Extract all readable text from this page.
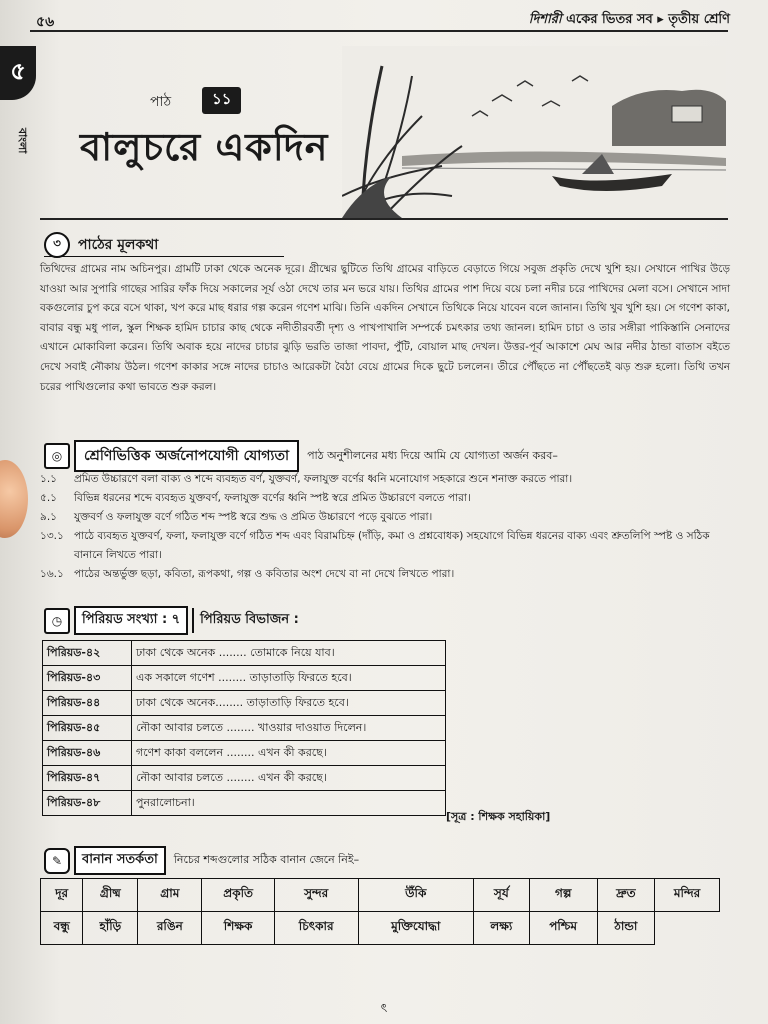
৫৬	দিশারী একের ভিতর সব ▸ তৃতীয় শ্রেণি
৫
বাংলা
পাঠ	১১
বালুচরে একদিন
৩	পাঠের মূলকথা
তিথিদের গ্রামের নাম অচিনপুর। গ্রামটি ঢাকা থেকে অনেক দূরে। গ্রীষ্মের ছুটিতে তিথি গ্রামের বাড়িতে বেড়াতে গিয়ে সবুজ প্রকৃতি দেখে খুশি হয়। সেখানে পাখির উড়ে যাওয়া আর সুপারি গাছের সারির ফাঁক দিয়ে সকালের সূর্য ওঠা দেখে তার মন ভরে যায়। তিথির গ্রামের পাশ দিয়ে বয়ে চলা নদীর চরে পাখিদের মেলা বসে। সেখানে সাদা বকগুলোর চুপ করে বসে থাকা, খপ করে মাছ ধরার গল্প করেন গণেশ মাঝি। তিনি একদিন সেখানে তিথিকে নিয়ে যাবেন বলে জানান। তিথি খুব খুশি হয়। সে গণেশ কাকা, বাবার বন্ধু মধু পাল, স্কুল শিক্ষক হামিদ চাচার কাছ থেকে নদীতীরবর্তী দৃশ্য ও পাখপাখালি সম্পর্কে চমৎকার তথ্য জানল। হামিদ চাচা ও তার সঙ্গীরা পাকিস্তানি সেনাদের এখানে মোকাবিলা করেন। তিথি অবাক হয়ে নাদের চাচার ঝুড়ি ভরতি তাজা পাবদা, পুঁটি, বোয়াল মাছ দেখল। উত্তর-পূর্ব আকাশে মেঘ আর নদীর ঠান্ডা বাতাস বইতে দেখে সবাই নৌকায় উঠল। গণেশ কাকার সঙ্গে নাদের চাচাও আরেকটা বৈঠা বেয়ে গ্রামের দিকে ছুটে চললেন। তীরে পৌঁছতে না পৌঁছতেই ঝড় শুরু হলো। তিথি তখন চরের পাখিগুলোর কথা ভাবতে শুরু করল।
◎	শ্রেণিভিত্তিক অর্জনোপযোগী যোগ্যতা	পাঠ অনুশীলনের মধ্য দিয়ে আমি যে যোগ্যতা অর্জন করব–
১.১	প্রমিত উচ্চারণে বলা বাক্য ও শব্দে ব্যবহৃত বর্ণ, যুক্তবর্ণ, ফলাযুক্ত বর্ণের ধ্বনি মনোযোগ সহকারে শুনে শনাক্ত করতে পারা।
৫.১	বিভিন্ন ধরনের শব্দে ব্যবহৃত যুক্তবর্ণ, ফলাযুক্ত বর্ণের ধ্বনি স্পষ্ট স্বরে প্রমিত উচ্চারণে বলতে পারা।
৯.১	যুক্তবর্ণ ও ফলাযুক্ত বর্ণে গঠিত শব্দ স্পষ্ট স্বরে শুদ্ধ ও প্রমিত উচ্চারণে পড়ে বুঝতে পারা।
১৩.১ পাঠে ব্যবহৃত যুক্তবর্ণ, ফলা, ফলাযুক্ত বর্ণে গঠিত শব্দ এবং বিরামচিহ্ন (দাঁড়ি, কমা ও প্রশ্নবোধক) সহযোগে বিভিন্ন ধরনের বাক্য এবং শ্রুতলিপি স্পষ্ট ও সঠিক বানানে লিখতে পারা।
১৬.১ পাঠের অন্তর্ভুক্ত ছড়া, কবিতা, রূপকথা, গল্প ও কবিতার অংশ দেখে বা না দেখে লিখতে পারা।
◷	পিরিয়ড সংখ্যা : ৭	পিরিয়ড বিভাজন :
পিরিয়ড-৪২	ঢাকা থেকে অনেক ........ তোমাকে নিয়ে যাব।
পিরিয়ড-৪৩	এক সকালে গণেশ ........ তাড়াতাড়ি ফিরতে হবে।
পিরিয়ড-৪৪	ঢাকা থেকে অনেক........ তাড়াতাড়ি ফিরতে হবে।
পিরিয়ড-৪৫	নৌকা আবার চলতে ........ খাওয়ার দাওয়াত দিলেন।
পিরিয়ড-৪৬	গণেশ কাকা বললেন ........ এখন কী করছে।
পিরিয়ড-৪৭	নৌকা আবার চলতে ........ এখন কী করছে।
পিরিয়ড-৪৮	পুনরালোচনা।
[সূত্র : শিক্ষক সহায়িকা]
✎	বানান সতর্কতা	নিচের শব্দগুলোর সঠিক বানান জেনে নিই–
দূর	গ্রীষ্ম	গ্রাম	প্রকৃতি	সুন্দর	উঁকি	সূর্য	গল্প	দ্রুত	মন্দির
বন্ধু	হাঁড়ি	রঙিন	শিক্ষক	চিৎকার	মুক্তিযোদ্ধা	লক্ষ্য	পশ্চিম	ঠান্ডা	
ৎ
